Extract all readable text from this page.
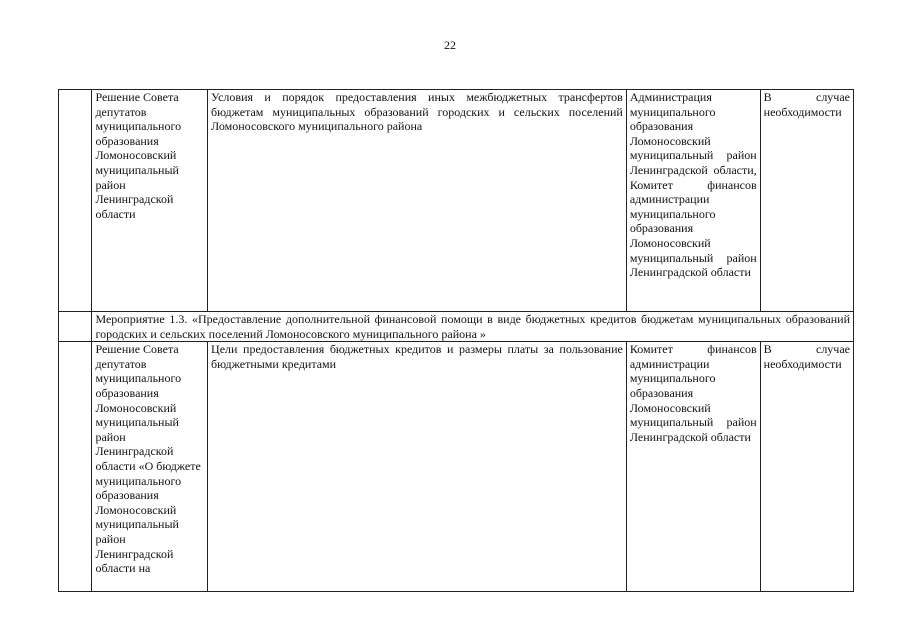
22
	Решение Совета депутатов муниципального образования Ломоносовский муниципальный район Ленинградской области	Условия и порядок предоставления иных межбюджетных трансфертов бюджетам муниципальных образований городских и сельских поселений Ломоносовского муниципального района	Администрация муниципального образования Ломоносовский муниципальный район Ленинградской области, Комитет финансов администрации муниципального образования Ломоносовский муниципальный район Ленинградской области	В случае необходимости
	Мероприятие 1.3. «Предоставление дополнительной финансовой помощи в виде бюджетных кредитов бюджетам муниципальных образований городских и сельских поселений Ломоносовского муниципального района »			
	Решение Совета депутатов муниципального образования Ломоносовский муниципальный район Ленинградской области «О бюджете муниципального образования Ломоносовский муниципальный район Ленинградской области на	Цели предоставления бюджетных кредитов и размеры платы за пользование бюджетными кредитами	Комитет финансов администрации муниципального образования Ломоносовский муниципальный район Ленинградской области	В случае необходимости
